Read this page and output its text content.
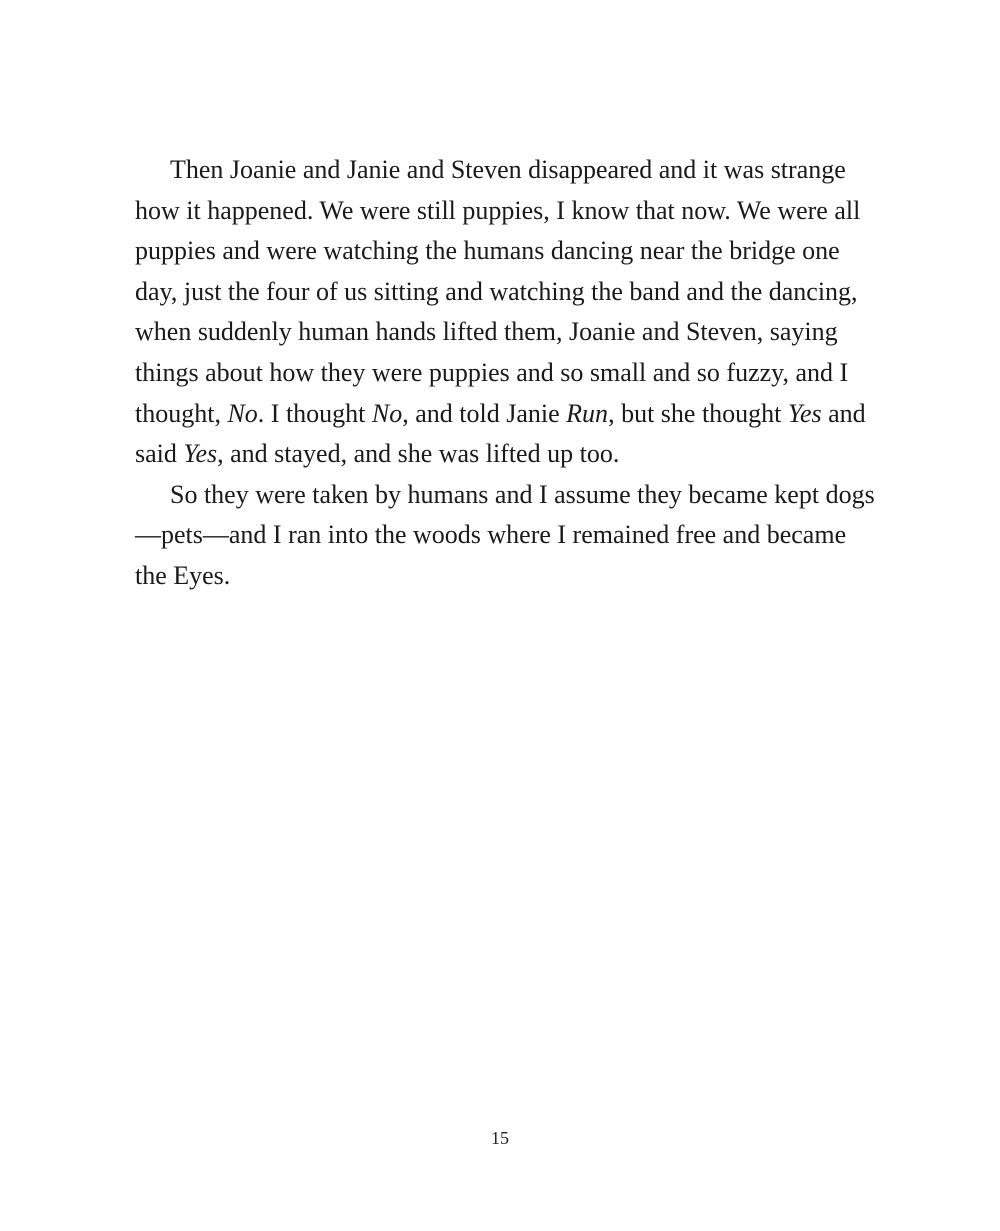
Then Joanie and Janie and Steven disappeared and it was strange how it happened. We were still puppies, I know that now. We were all puppies and were watching the humans dancing near the bridge one day, just the four of us sitting and watching the band and the dancing, when suddenly human hands lifted them, Joanie and Steven, saying things about how they were puppies and so small and so fuzzy, and I thought, No. I thought No, and told Janie Run, but she thought Yes and said Yes, and stayed, and she was lifted up too.

So they were taken by humans and I assume they became kept dogs—pets—and I ran into the woods where I remained free and became the Eyes.

15
